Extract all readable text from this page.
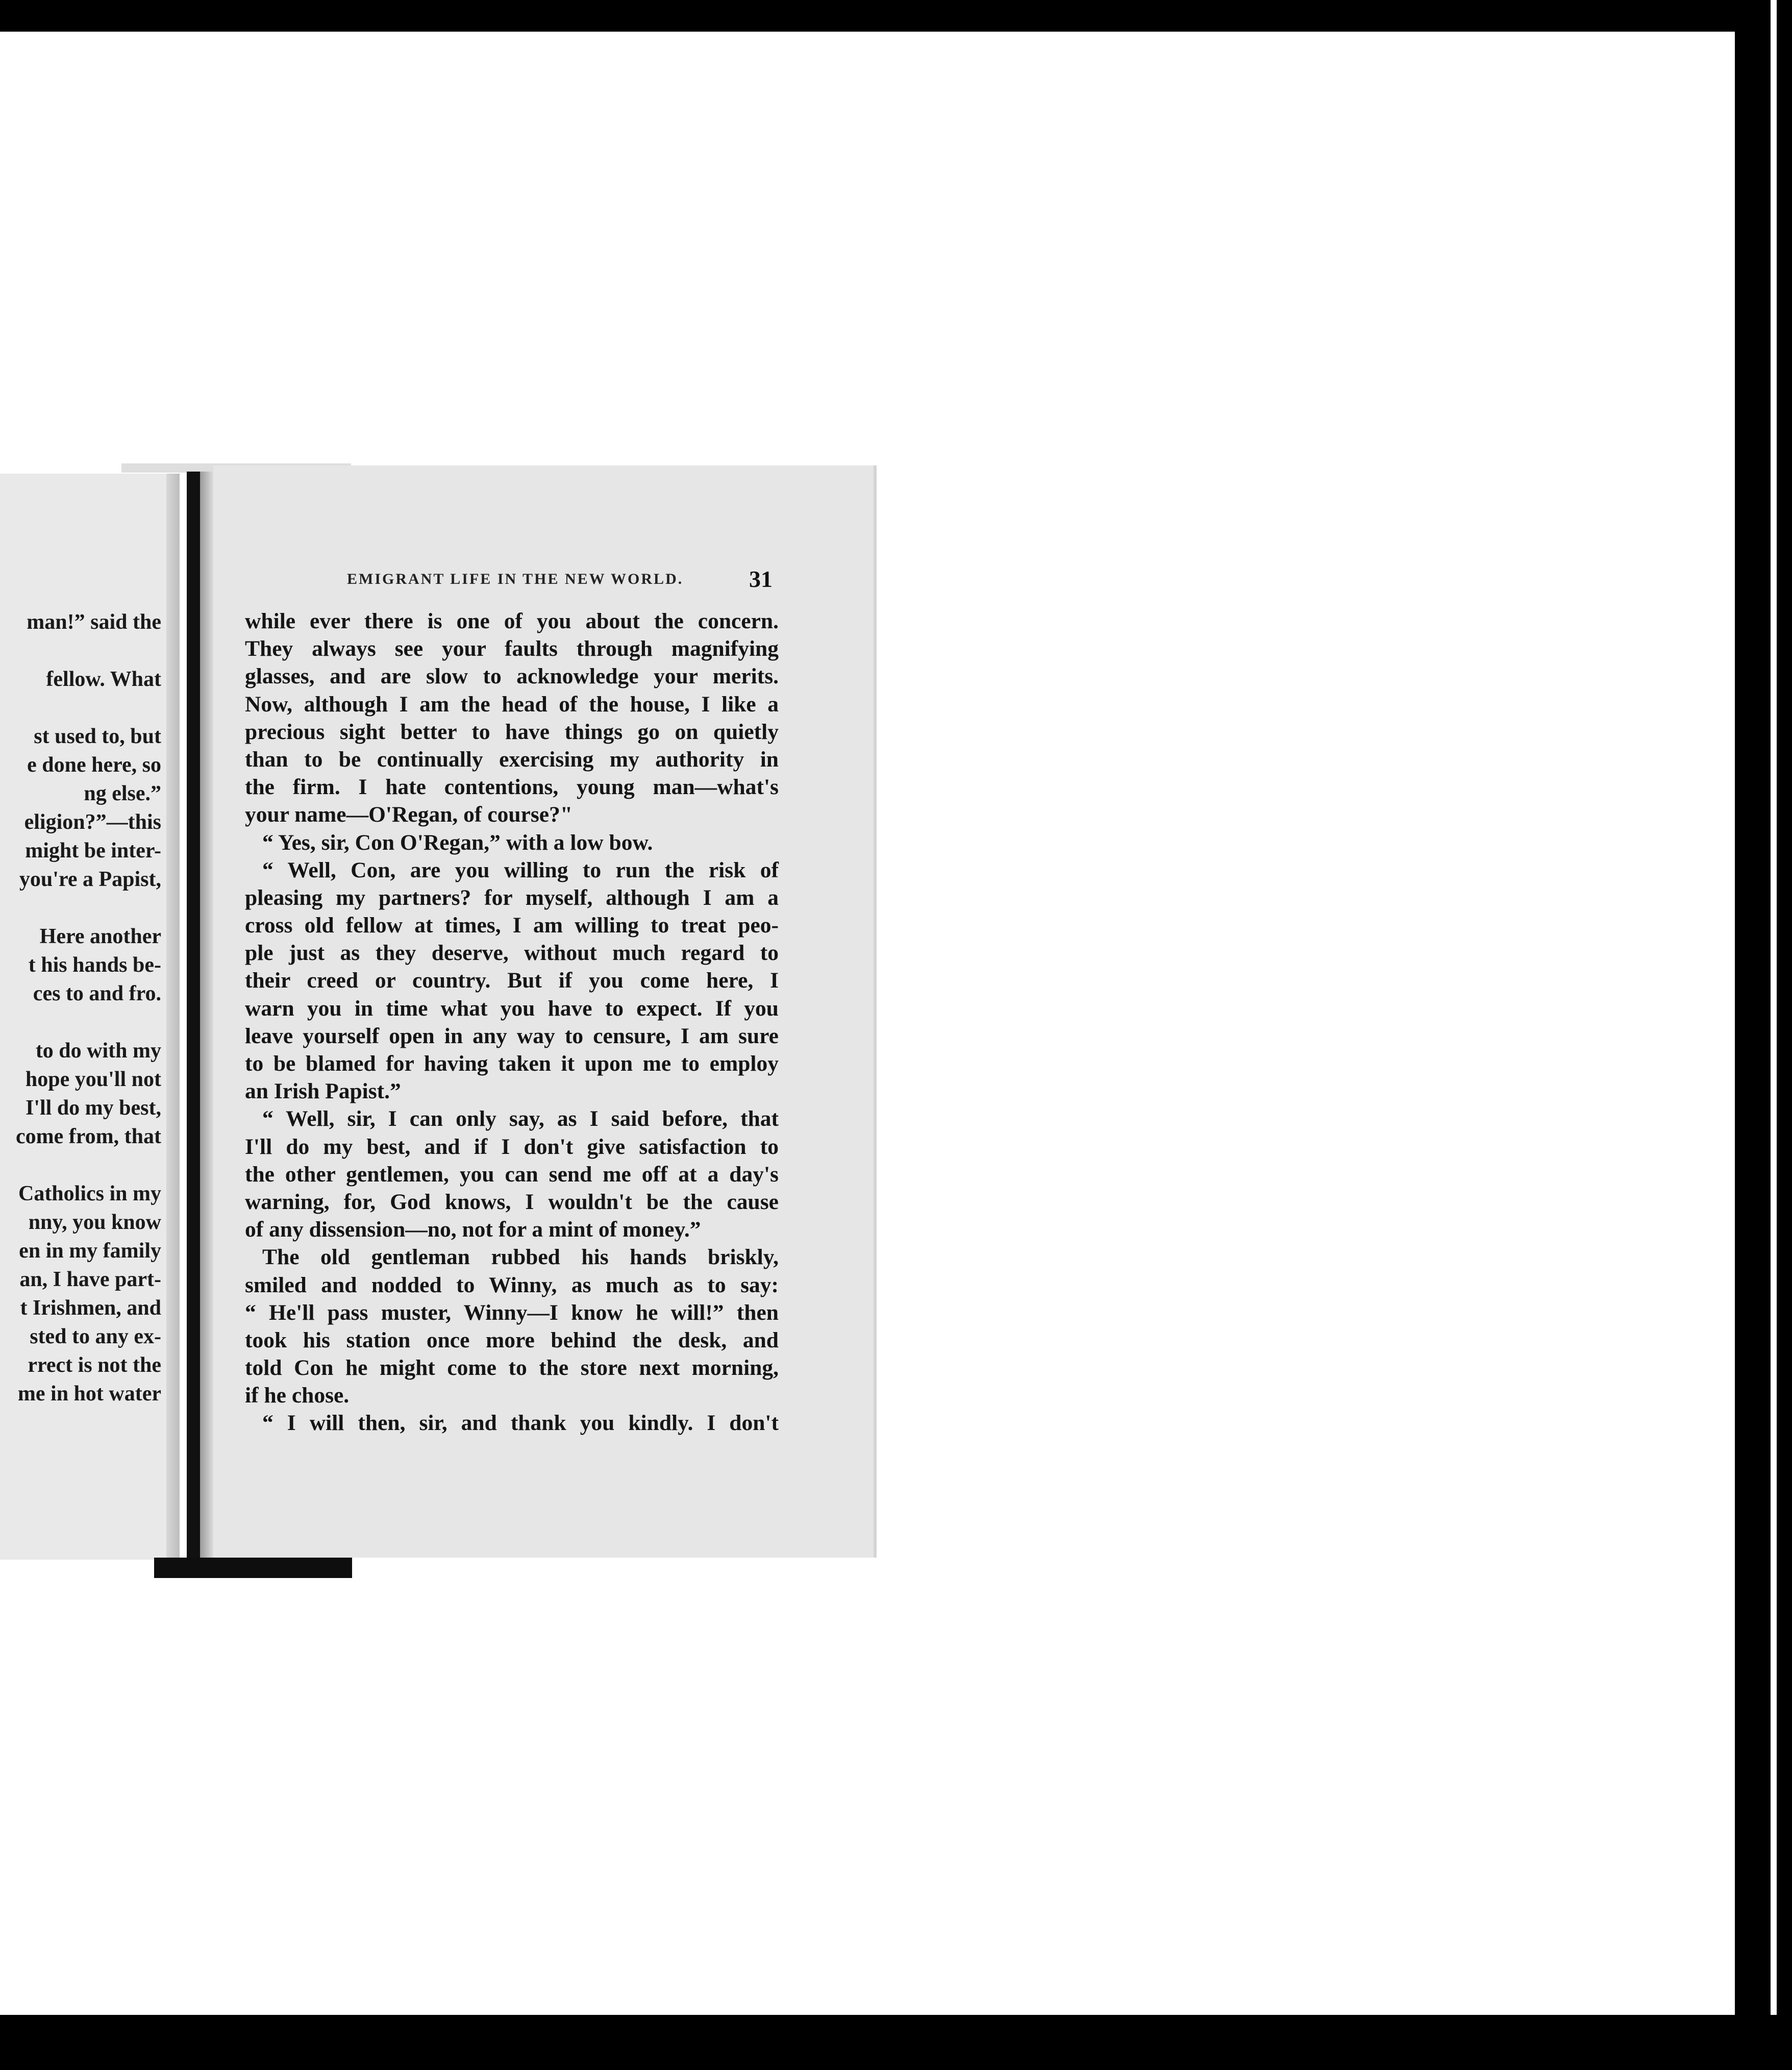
man!” said the
fellow. What
st used to, but
e done here, so
ng else.”
eligion?”—this
might be inter-
you're a Papist,
Here another
t his hands be-
ces to and fro.
to do with my
hope you'll not
I'll do my best,
come from, that
Catholics in my
nny, you know
en in my family
an, I have part-
t Irishmen, and
sted to any ex-
rrect is not the
me in hot water
EMIGRANT LIFE IN THE NEW WORLD.	31
while ever there is one of you about the concern.
They always see your faults through magnifying
glasses, and are slow to acknowledge your merits.
Now, although I am the head of the house, I like a
precious sight better to have things go on quietly
than to be continually exercising my authority in
the firm. I hate contentions, young man—what's
your name—O'Regan, of course?"
“ Yes, sir, Con O'Regan,” with a low bow.
“ Well, Con, are you willing to run the risk of
pleasing my partners? for myself, although I am a
cross old fellow at times, I am willing to treat peo-
ple just as they deserve, without much regard to
their creed or country. But if you come here, I
warn you in time what you have to expect. If you
leave yourself open in any way to censure, I am sure
to be blamed for having taken it upon me to employ
an Irish Papist.”
“ Well, sir, I can only say, as I said before, that
I'll do my best, and if I don't give satisfaction to
the other gentlemen, you can send me off at a day's
warning, for, God knows, I wouldn't be the cause
of any dissension—no, not for a mint of money.”
The old gentleman rubbed his hands briskly,
smiled and nodded to Winny, as much as to say:
“ He'll pass muster, Winny—I know he will!” then
took his station once more behind the desk, and
told Con he might come to the store next morning,
if he chose.
“ I will then, sir, and thank you kindly. I don't
